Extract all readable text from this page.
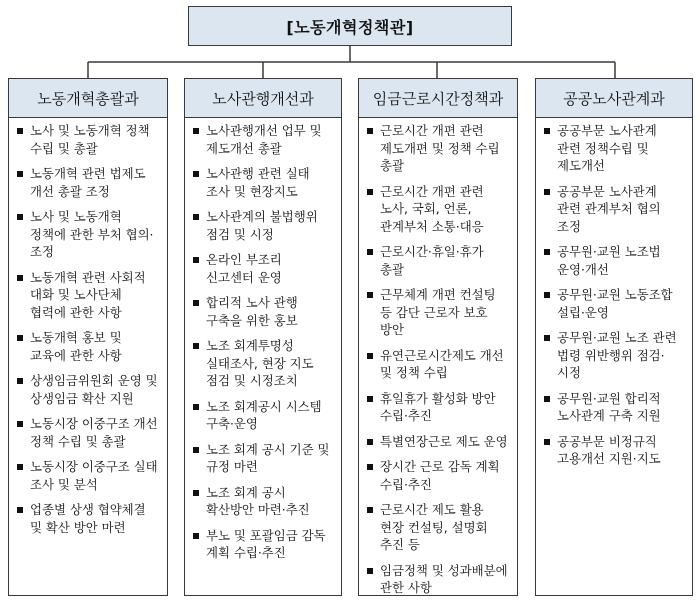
[노동개혁정책관]
노동개혁총괄과
노사 및 노동개혁 정책 수립 및 총괄
노동개혁 관련 법제도 개선 총괄 조정
노사 및 노동개혁 정책에 관한 부처 협의·조정
노동개혁 관련 사회적 대화 및 노사단체 협력에 관한 사항
노동개혁 홍보 및 교육에 관한 사항
상생임금위원회 운영 및 상생임금 확산 지원
노동시장 이중구조 개선 정책 수립 및 총괄
노동시장 이중구조 실태 조사 및 분석
업종별 상생 협약체결 및 확산 방안 마련
노사관행개선과
노사관행개선 업무 및 제도개선 총괄
노사관행 관련 실태 조사 및 현장지도
노사관계의 불법행위 점검 및 시정
온라인 부조리 신고센터 운영
합리적 노사 관행 구축을 위한 홍보
노조 회계투명성 실태조사, 현장 지도 점검 및 시정조치
노조 회계공시 시스템 구축·운영
노조 회계 공시 기준 및 규정 마련
노조 회계 공시 확산방안 마련·추진
부노 및 포괄임금 감독 계획 수립·추진
임금근로시간정책과
근로시간 개편 관련 제도개편 및 정책 수립 총괄
근로시간 개편 관련 노사, 국회, 언론, 관계부처 소통·대응
근로시간·휴일·휴가 총괄
근무체계 개편 컨설팅 등 감단 근로자 보호 방안
유연근로시간제도 개선 및 정책 수립
휴일휴가 활성화 방안 수립·추진
특별연장근로 제도 운영
장시간 근로 감독 계획 수립·추진
근로시간 제도 활용 현장 컨설팅, 설명회 추진 등
임금정책 및 성과배분에 관한 사항
공공노사관계과
공공부문 노사관계 관련 정책수립 및 제도개선
공공부문 노사관계 관련 관계부처 협의 조정
공무원·교원 노조법 운영·개선
공무원·교원 노동조합 설립·운영
공무원·교원 노조 관련 법령 위반행위 점검·시정
공무원·교원 합리적 노사관계 구축 지원
공공부문 비정규직 고용개선 지원·지도
